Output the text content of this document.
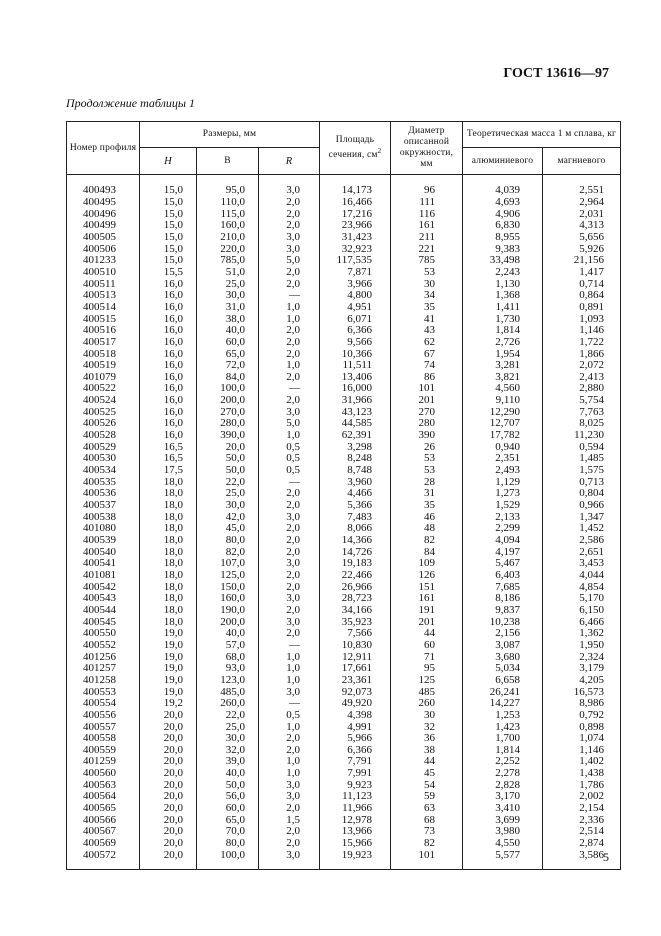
ГОСТ 13616—97
Продолжение таблицы 1
Номер профиля	Размеры, мм			Площадь сечения, $см^2$	Диаметр описанной окружности, мм	Теоретическая масса 1 м сплава, кг	
	H	B	R			алюминиевого	магниевого

400493	15,0	95,0	3,0	14,173	96	4,039	2,551
400495	15,0	110,0	2,0	16,466	111	4,693	2,964
400496	15,0	115,0	2,0	17,216	116	4,906	2,031
400499	15,0	160,0	2,0	23,966	161	6,830	4,313
400505	15,0	210,0	3,0	31,423	211	8,955	5,656
400506	15,0	220,0	3,0	32,923	221	9,383	5,926
401233	15,0	785,0	5,0	117,535	785	33,498	21,156
400510	15,5	51,0	2,0	7,871	53	2,243	1,417
400511	16,0	25,0	2,0	3,966	30	1,130	0,714
400513	16,0	30,0	—	4,800	34	1,368	0,864
400514	16,0	31,0	1,0	4,951	35	1,411	0,891
400515	16,0	38,0	1,0	6,071	41	1,730	1,093
400516	16,0	40,0	2,0	6,366	43	1,814	1,146
400517	16,0	60,0	2,0	9,566	62	2,726	1,722
400518	16,0	65,0	2,0	10,366	67	1,954	1,866
400519	16,0	72,0	1,0	11,511	74	3,281	2,072
401079	16,0	84,0	2,0	13,406	86	3,821	2,413
400522	16,0	100,0	—	16,000	101	4,560	2,880
400524	16,0	200,0	2,0	31,966	201	9,110	5,754
400525	16,0	270,0	3,0	43,123	270	12,290	7,763
400526	16,0	280,0	5,0	44,585	280	12,707	8,025
400528	16,0	390,0	1,0	62,391	390	17,782	11,230
400529	16,5	20,0	0,5	3,298	26	0,940	0,594
400530	16,5	50,0	0,5	8,248	53	2,351	1,485
400534	17,5	50,0	0,5	8,748	53	2,493	1,575
400535	18,0	22,0	—	3,960	28	1,129	0,713
400536	18,0	25,0	2,0	4,466	31	1,273	0,804
400537	18,0	30,0	2,0	5,366	35	1,529	0,966
400538	18,0	42,0	3,0	7,483	46	2,133	1,347
401080	18,0	45,0	2,0	8,066	48	2,299	1,452
400539	18,0	80,0	2,0	14,366	82	4,094	2,586
400540	18,0	82,0	2,0	14,726	84	4,197	2,651
400541	18,0	107,0	3,0	19,183	109	5,467	3,453
401081	18,0	125,0	2,0	22,466	126	6,403	4,044
400542	18,0	150,0	2,0	26,966	151	7,685	4,854
400543	18,0	160,0	3,0	28,723	161	8,186	5,170
400544	18,0	190,0	2,0	34,166	191	9,837	6,150
400545	18,0	200,0	3,0	35,923	201	10,238	6,466
400550	19,0	40,0	2,0	7,566	44	2,156	1,362
400552	19,0	57,0	—	10,830	60	3,087	1,950
401256	19,0	68,0	1,0	12,911	71	3,680	2,324
401257	19,0	93,0	1,0	17,661	95	5,034	3,179
401258	19,0	123,0	1,0	23,361	125	6,658	4,205
400553	19,0	485,0	3,0	92,073	485	26,241	16,573
400554	19,2	260,0	—	49,920	260	14,227	8,986
400556	20,0	22,0	0,5	4,398	30	1,253	0,792
400557	20,0	25,0	1,0	4,991	32	1,423	0,898
400558	20,0	30,0	2,0	5,966	36	1,700	1,074
400559	20,0	32,0	2,0	6,366	38	1,814	1,146
401259	20,0	39,0	1,0	7,791	44	2,252	1,402
400560	20,0	40,0	1,0	7,991	45	2,278	1,438
400563	20,0	50,0	3,0	9,923	54	2,828	1,786
400564	20,0	56,0	3,0	11,123	59	3,170	2,002
400565	20,0	60,0	2,0	11,966	63	3,410	2,154
400566	20,0	65,0	1,5	12,978	68	3,699	2,336
400567	20,0	70,0	2,0	13,966	73	3,980	2,514
400569	20,0	80,0	2,0	15,966	82	4,550	2,874
400572	20,0	100,0	3,0	19,923	101	5,577	3,586
5
